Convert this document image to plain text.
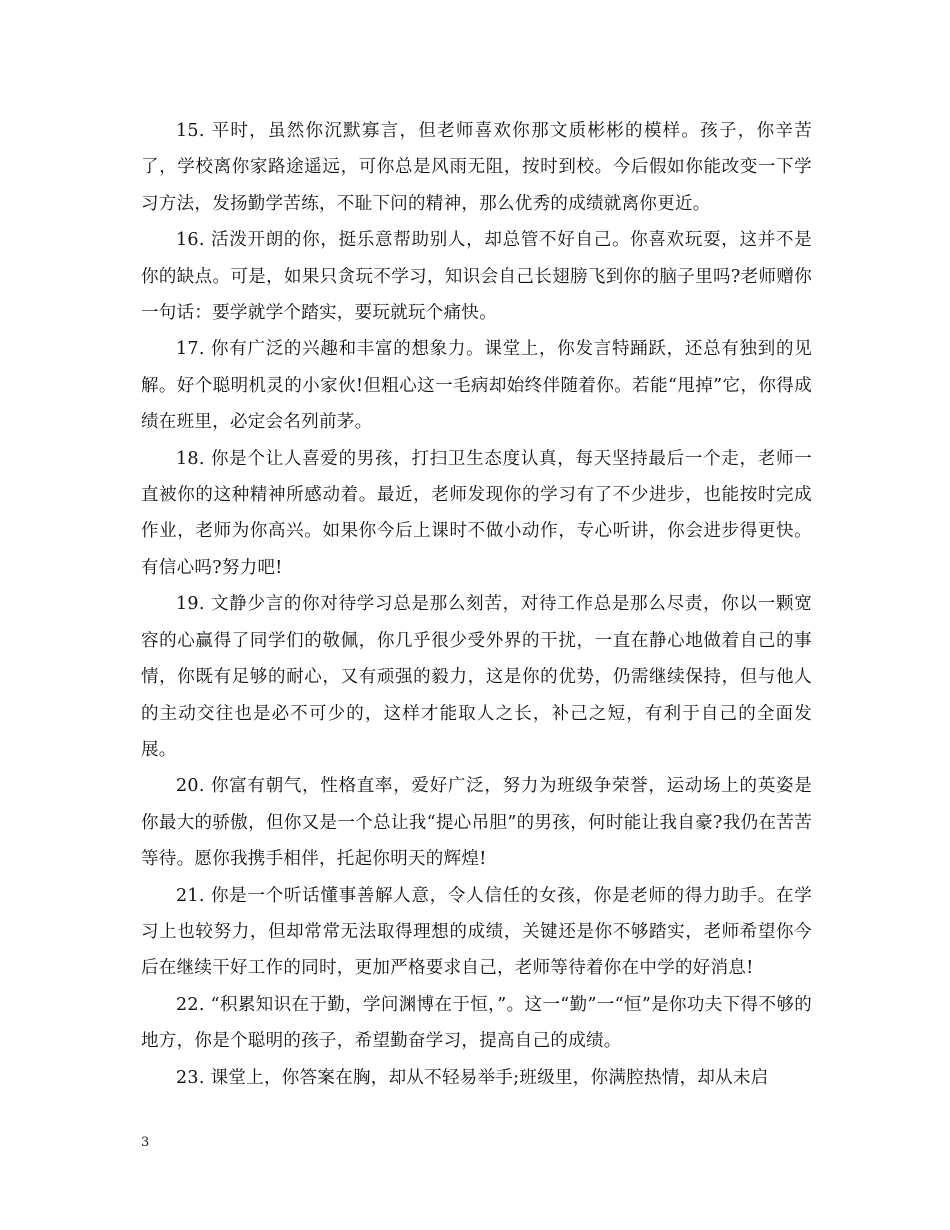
15. 平时，虽然你沉默寡言，但老师喜欢你那文质彬彬的模样。孩子，你辛苦了，学校离你家路途遥远，可你总是风雨无阻，按时到校。今后假如你能改变一下学习方法，发扬勤学苦练，不耻下问的精神，那么优秀的成绩就离你更近。

16. 活泼开朗的你，挺乐意帮助别人，却总管不好自己。你喜欢玩耍，这并不是你的缺点。可是，如果只贪玩不学习，知识会自己长翅膀飞到你的脑子里吗?老师赠你一句话：要学就学个踏实，要玩就玩个痛快。

17. 你有广泛的兴趣和丰富的想象力。课堂上，你发言特踊跃，还总有独到的见解。好个聪明机灵的小家伙!但粗心这一毛病却始终伴随着你。若能“甩掉”它，你得成绩在班里，必定会名列前茅。

18. 你是个让人喜爱的男孩，打扫卫生态度认真，每天坚持最后一个走，老师一直被你的这种精神所感动着。最近，老师发现你的学习有了不少进步，也能按时完成作业，老师为你高兴。如果你今后上课时不做小动作，专心听讲，你会进步得更快。有信心吗?努力吧!

19. 文静少言的你对待学习总是那么刻苦，对待工作总是那么尽责，你以一颗宽容的心赢得了同学们的敬佩，你几乎很少受外界的干扰，一直在静心地做着自己的事情，你既有足够的耐心，又有顽强的毅力，这是你的优势，仍需继续保持，但与他人的主动交往也是必不可少的，这样才能取人之长，补己之短，有利于自己的全面发展。

20. 你富有朝气，性格直率，爱好广泛，努力为班级争荣誉，运动场上的英姿是你最大的骄傲，但你又是一个总让我“提心吊胆”的男孩，何时能让我自豪?我仍在苦苦等待。愿你我携手相伴，托起你明天的辉煌!

21. 你是一个听话懂事善解人意，令人信任的女孩，你是老师的得力助手。在学习上也较努力，但却常常无法取得理想的成绩，关键还是你不够踏实，老师希望你今后在继续干好工作的同时，更加严格要求自己，老师等待着你在中学的好消息!

22. “积累知识在于勤，学问渊博在于恒，”。这一“勤”一“恒”是你功夫下得不够的地方，你是个聪明的孩子，希望勤奋学习，提高自己的成绩。

23. 课堂上，你答案在胸，却从不轻易举手;班级里，你满腔热情，却从未启

3
